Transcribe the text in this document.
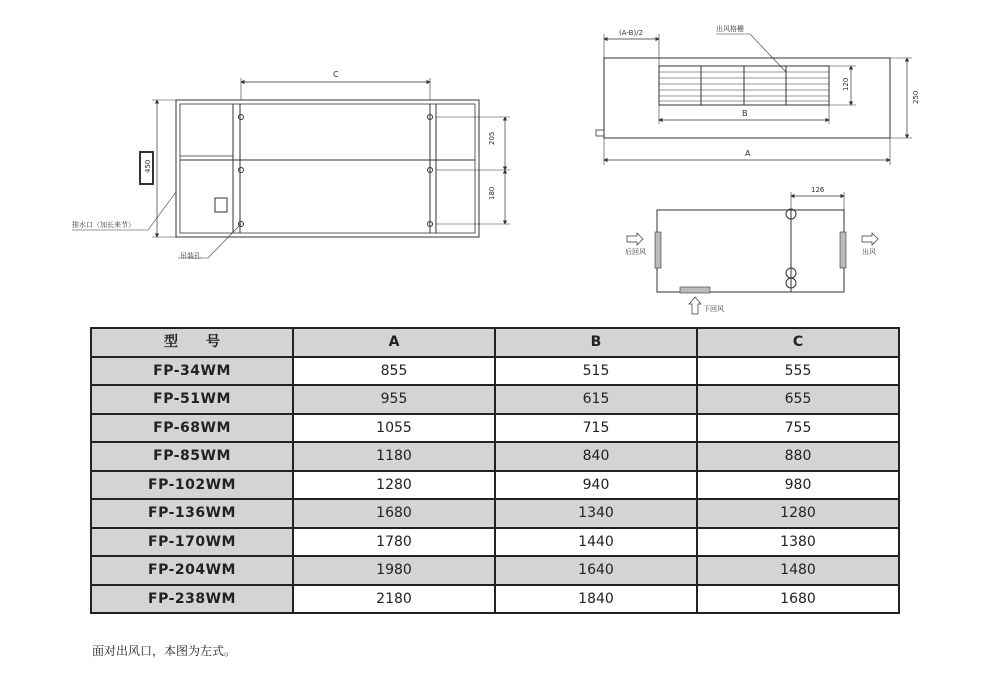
C
450
205
180
排水口（加长来节）
吊装孔
(A-B)/2	出风格栅
120
250
B
A
126
后回风	出风
下回风
型　　号	A	B	C
FP-34WM	855	515	555
FP-51WM	955	615	655
FP-68WM	1055	715	755
FP-85WM	1180	840	880
FP-102WM	1280	940	980
FP-136WM	1680	1340	1280
FP-170WM	1780	1440	1380
FP-204WM	1980	1640	1480
FP-238WM	2180	1840	1680
面对出风口，本图为左式。
